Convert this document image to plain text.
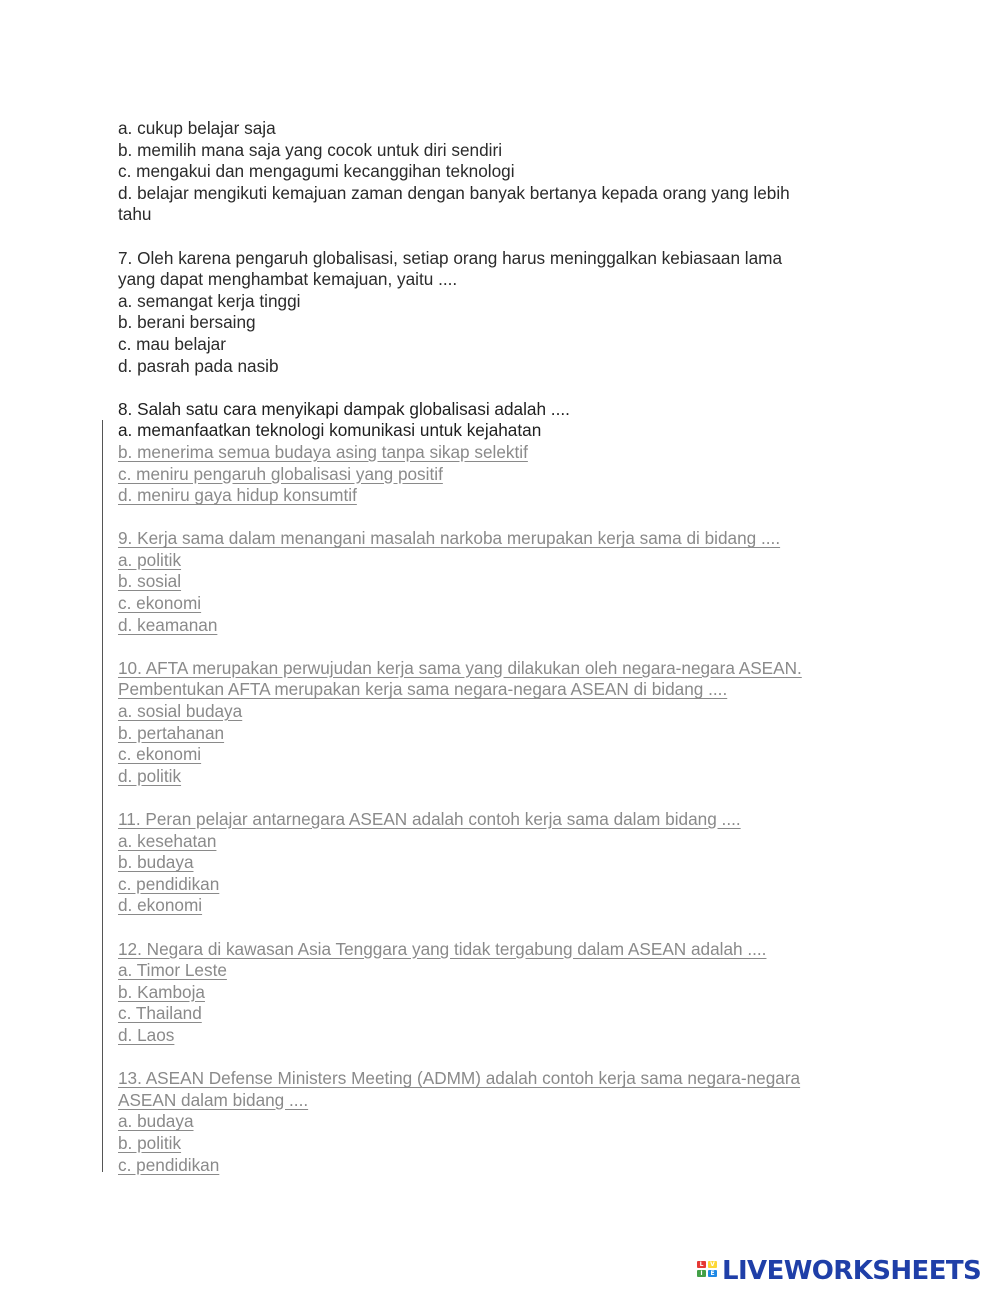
a. cukup belajar saja
b. memilih mana saja yang cocok untuk diri sendiri
c. mengakui dan mengagumi kecanggihan teknologi
d. belajar mengikuti kemajuan zaman dengan banyak bertanya kepada orang yang lebih
tahu
7. Oleh karena pengaruh globalisasi, setiap orang harus meninggalkan kebiasaan lama
yang dapat menghambat kemajuan, yaitu ....
a. semangat kerja tinggi
b. berani bersaing
c. mau belajar
d. pasrah pada nasib
8. Salah satu cara menyikapi dampak globalisasi adalah ....
a. memanfaatkan teknologi komunikasi untuk kejahatan
b. menerima semua budaya asing tanpa sikap selektif
c. meniru pengaruh globalisasi yang positif
d. meniru gaya hidup konsumtif
9. Kerja sama dalam menangani masalah narkoba merupakan kerja sama di bidang ....
a. politik
b. sosial
c. ekonomi
d. keamanan
10. AFTA merupakan perwujudan kerja sama yang dilakukan oleh negara-negara ASEAN.
Pembentukan AFTA merupakan kerja sama negara-negara ASEAN di bidang ....
a. sosial budaya
b. pertahanan
c. ekonomi
d. politik
11. Peran pelajar antarnegara ASEAN adalah contoh kerja sama dalam bidang ....
a. kesehatan
b. budaya
c. pendidikan
d. ekonomi
12. Negara di kawasan Asia Tenggara yang tidak tergabung dalam ASEAN adalah ....
a. Timor Leste
b. Kamboja
c. Thailand
d. Laos
13. ASEAN Defense Ministers Meeting (ADMM) adalah contoh kerja sama negara-negara
ASEAN dalam bidang ....
a. budaya
b. politik
c. pendidikan
L
I
V
E LIVEWORKSHEETS
